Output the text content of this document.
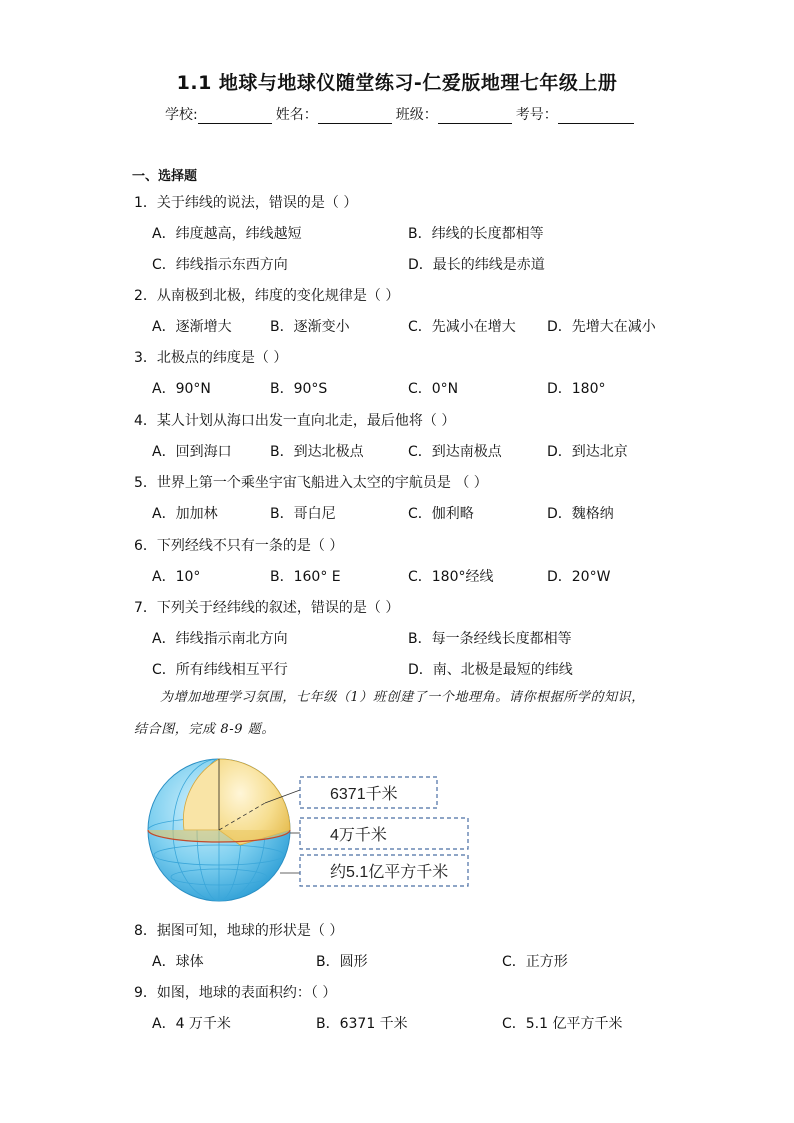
1.1 地球与地球仪随堂练习-仁爱版地理七年级上册
学校:	姓名：	班级：	考号：
一、选择题
1．关于纬线的说法，错误的是（ ）
A．纬度越高，纬线越短	B．纬线的长度都相等
C．纬线指示东西方向	D．最长的纬线是赤道
2．从南极到北极，纬度的变化规律是（ ）
A．逐渐增大	B．逐渐变小	C．先减小在增大 D．先增大在减小
3．北极点的纬度是（ ）
A．90°N	B．90°S	C．0°N	D．180°
4．某人计划从海口出发一直向北走，最后他将（ ）
A．回到海口	B．到达北极点	C．到达南极点	D．到达北京
5．世界上第一个乘坐宇宙飞船进入太空的宇航员是 （ ）
A．加加林	B．哥白尼	C．伽利略	D．魏格纳
6．下列经线不只有一条的是（ ）
A．10°	B．160° E	C．180°经线	D．20°W
7．下列关于经纬线的叙述，错误的是（ ）
A．纬线指示南北方向	B．每一条经线长度都相等
C．所有纬线相互平行	D．南、北极是最短的纬线
为增加地理学习氛围，七年级（1）班创建了一个地理角。请你根据所学的知识，
结合图，完成 8-9 题。
6371千米
4万千米
约5.1亿平方千米
8．据图可知，地球的形状是（ ）
A．球体	B．圆形	C．正方形
9．如图，地球的表面积约：（ ）
A．4 万千米	B．6371 千米	C．5.1 亿平方千米
